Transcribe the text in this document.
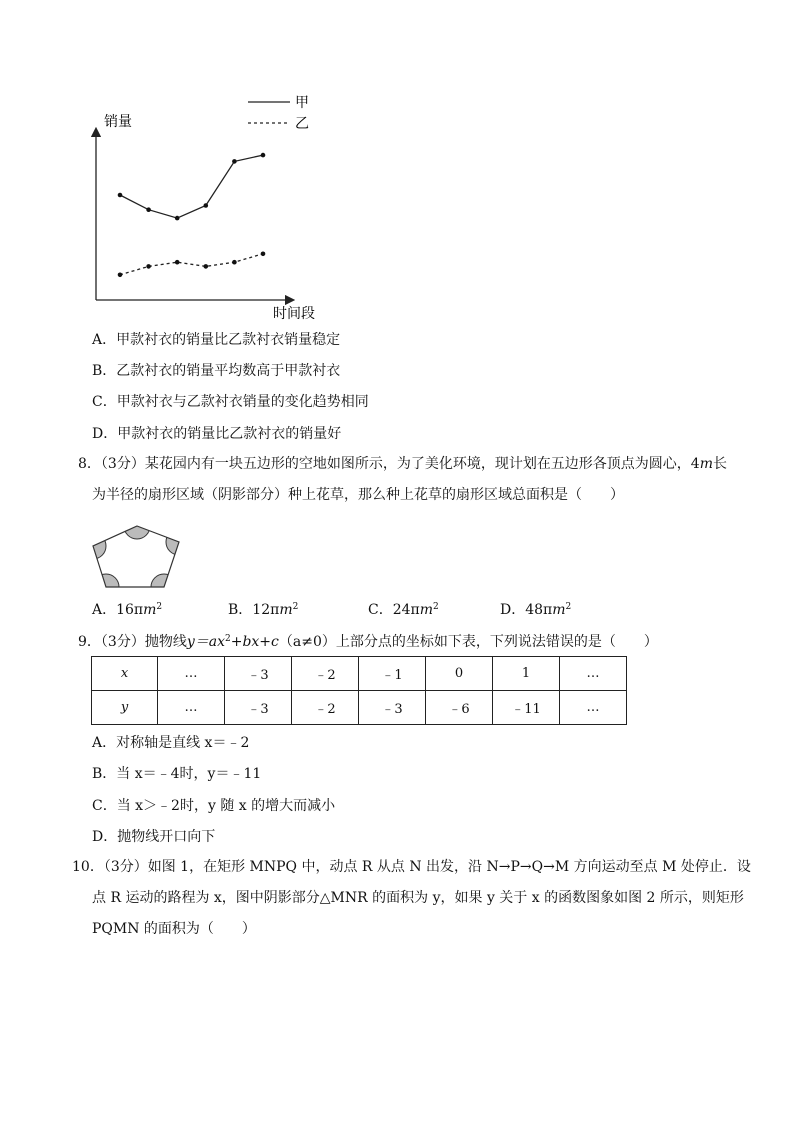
销量
时间段
甲
乙
A．甲款衬衣的销量比乙款衬衣销量稳定
B．乙款衬衣的销量平均数高于甲款衬衣
C．甲款衬衣与乙款衬衣销量的变化趋势相同
D．甲款衬衣的销量比乙款衬衣的销量好
8．（3分）某花园内有一块五边形的空地如图所示，为了美化环境，现计划在五边形各顶点为圆心，4m长
为半径的扇形区域（阴影部分）种上花草，那么种上花草的扇形区域总面积是（　　）
A．$16\pi m^2$	B．$12\pi m^2$	C．$24\pi m^2$	D．$48\pi m^2$
9．（3分）抛物线$y=ax^2+bx+c(a\ne 0)$上部分点的坐标如下表，下列说法错误的是（　　）
x	…	﹣3	﹣2	﹣1	0	1	…
y	…	﹣3	﹣2	﹣3	﹣6	﹣11	…
A．对称轴是直线 x＝﹣2
B．当 x＝﹣4时，y＝﹣11
C．当 x＞﹣2时，y 随 x 的增大而减小
D．抛物线开口向下
10．（3分）如图 1，在矩形 MNPQ 中，动点 R 从点 N 出发，沿 N→P→Q→M 方向运动至点 M 处停止．设
点 R 运动的路程为 x，图中阴影部分△MNR 的面积为 y，如果 y 关于 x 的函数图象如图 2 所示，则矩形
PQMN 的面积为（　　）
